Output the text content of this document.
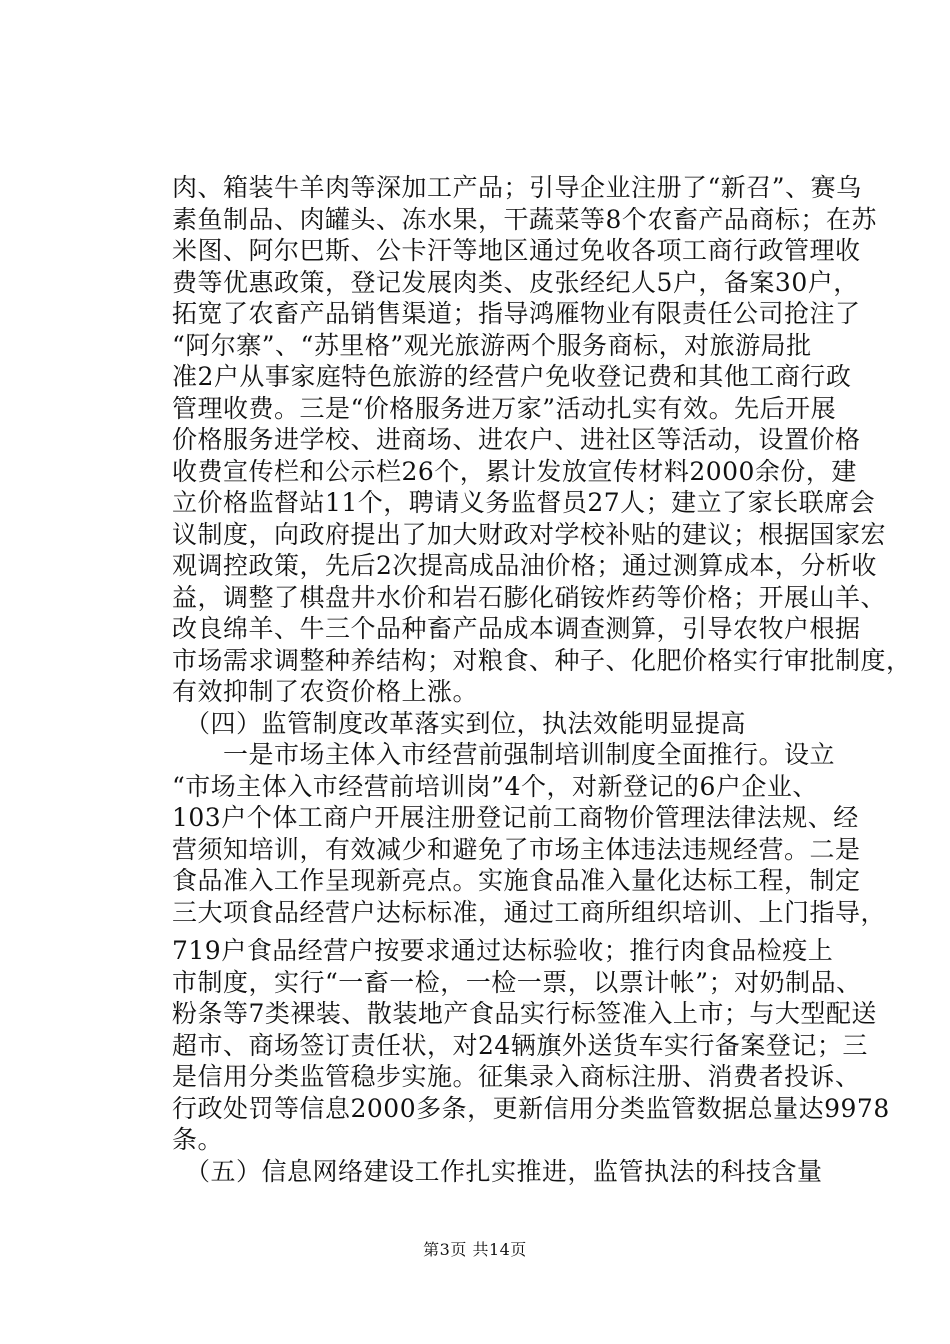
肉、箱装牛羊肉等深加工产品；引导企业注册了“新召”、赛乌
素鱼制品、肉罐头、冻水果，干蔬菜等8个农畜产品商标；在苏
米图、阿尔巴斯、公卡汗等地区通过免收各项工商行政管理收
费等优惠政策，登记发展肉类、皮张经纪人5户，备案30户，
拓宽了农畜产品销售渠道；指导鸿雁物业有限责任公司抢注了
“阿尔寨”、“苏里格”观光旅游两个服务商标，对旅游局批
准2户从事家庭特色旅游的经营户免收登记费和其他工商行政
管理收费。三是“价格服务进万家”活动扎实有效。先后开展
价格服务进学校、进商场、进农户、进社区等活动，设置价格
收费宣传栏和公示栏26个，累计发放宣传材料2000余份，建
立价格监督站11个，聘请义务监督员27人；建立了家长联席会
议制度，向政府提出了加大财政对学校补贴的建议；根据国家宏
观调控政策，先后2次提高成品油价格；通过测算成本，分析收
益，调整了棋盘井水价和岩石膨化硝铵炸药等价格；开展山羊、
改良绵羊、牛三个品种畜产品成本调查测算，引导农牧户根据
市场需求调整种养结构；对粮食、种子、化肥价格实行审批制度，
有效抑制了农资价格上涨。
　（四）监管制度改革落实到位，执法效能明显提高
　　一是市场主体入市经营前强制培训制度全面推行。设立
“市场主体入市经营前培训岗”4个，对新登记的6户企业、
103户个体工商户开展注册登记前工商物价管理法律法规、经
营须知培训，有效减少和避免了市场主体违法违规经营。二是
食品准入工作呈现新亮点。实施食品准入量化达标工程，制定
三大项食品经营户达标标准，通过工商所组织培训、上门指导，
719户食品经营户按要求通过达标验收；推行肉食品检疫上
市制度，实行“一畜一检，一检一票，以票计帐”；对奶制品、
粉条等7类裸装、散装地产食品实行标签准入上市；与大型配送
超市、商场签订责任状，对24辆旗外送货车实行备案登记；三
是信用分类监管稳步实施。征集录入商标注册、消费者投诉、
行政处罚等信息2000多条，更新信用分类监管数据总量达9978
条。
　（五）信息网络建设工作扎实推进，监管执法的科技含量
第3页 共14页
